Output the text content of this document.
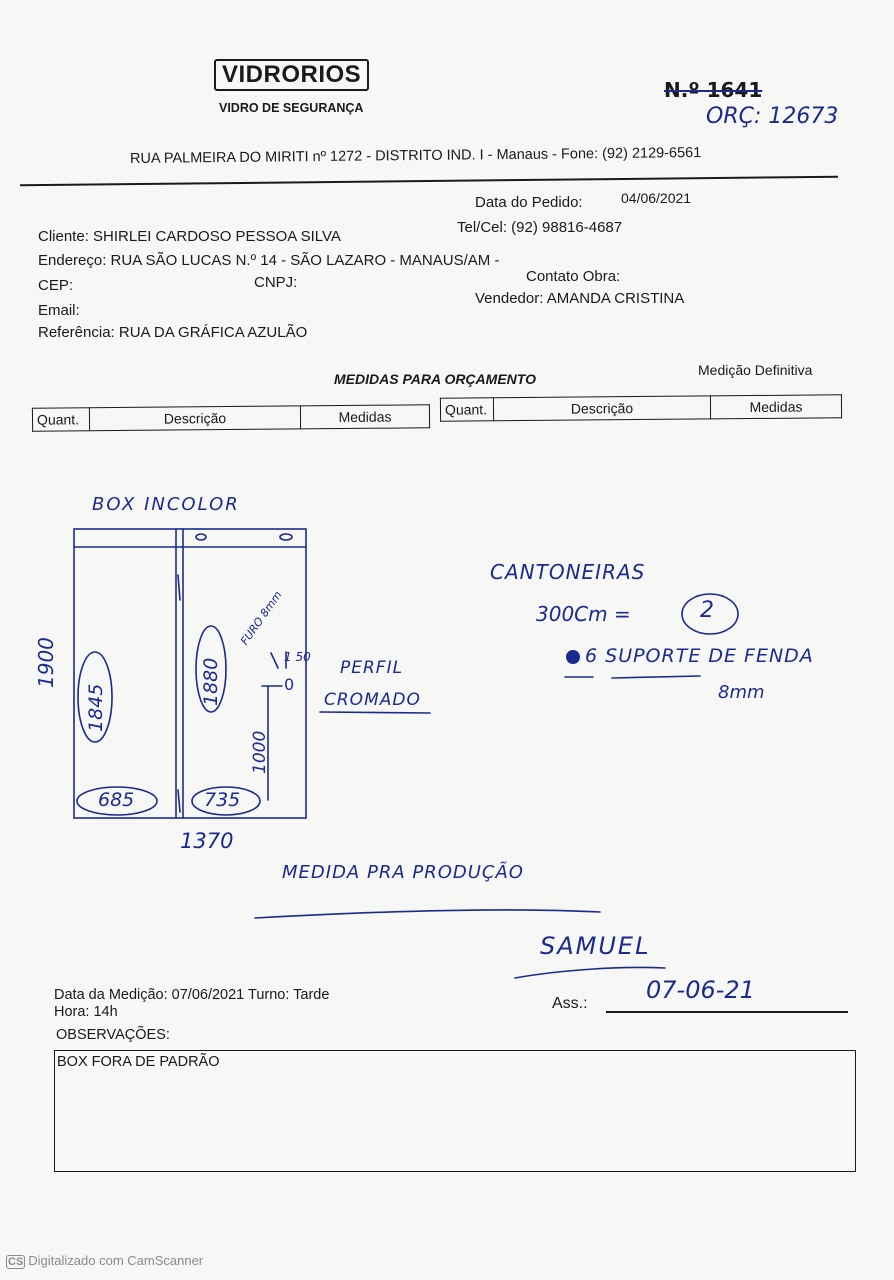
VIDRORIOS
VIDRO DE SEGURANÇA
N.º 1641
ORÇ: 12673
RUA PALMEIRA DO MIRITI nº 1272 - DISTRITO IND. I - Manaus - Fone: (92) 2129-6561
Data do Pedido:	04/06/2021
Cliente: SHIRLEI CARDOSO PESSOA SILVA
Tel/Cel: (92) 98816-4687
Endereço: RUA SÃO LUCAS N.º 14 - SÃO LAZARO - MANAUS/AM -
CEP:	CNPJ:	Contato Obra:
Email:
Vendedor: AMANDA CRISTINA
Referência: RUA DA GRÁFICA AZULÃO
MEDIDAS PARA ORÇAMENTO
Medição Definitiva
Quant.	Descrição	Medidas	Quant.	Descrição	Medidas
BOX INCOLOR
1900
1845
1880
FURO 8mm
1 50
0
1000
685	735
1370
PERFIL
CROMADO
CANTONEIRAS
300Cm =	2
6 SUPORTE DE FENDA
8mm
MEDIDA PRA PRODUÇÃO
SAMUEL
07-06-21
Data da Medição: 07/06/2021 Turno: Tarde
Hora: 14h	Ass.:
OBSERVAÇÕES:
BOX FORA DE PADRÃO
CS Digitalizado com CamScanner
